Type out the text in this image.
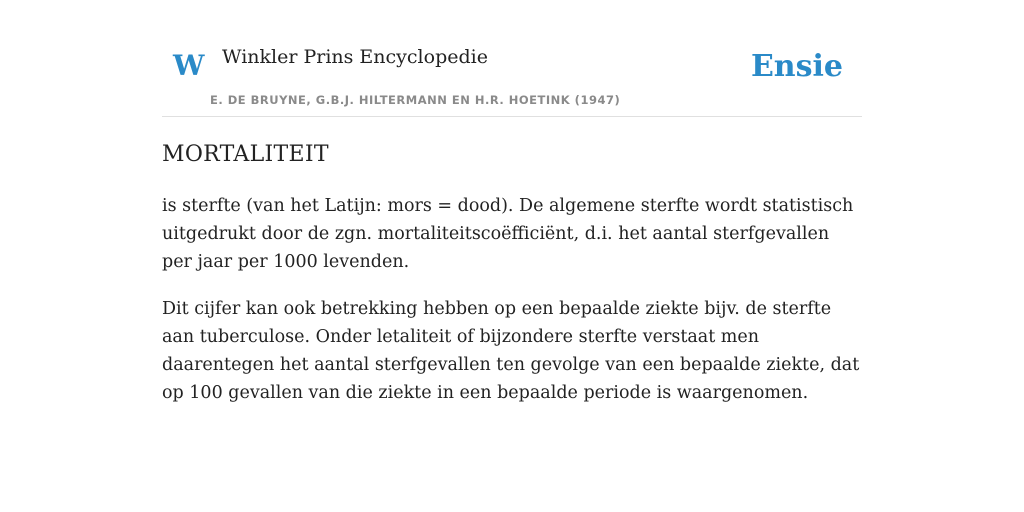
W Winkler Prins Encyclopedie
E. DE BRUYNE, G.B.J. HILTERMANN EN H.R. HOETINK (1947)
Ensie
MORTALITEIT

is sterfte (van het Latijn: mors = dood). De algemene sterfte wordt statistisch uitgedrukt door de zgn. mortaliteitscoëfficiënt, d.i. het aantal sterfgevallen per jaar per 1000 levenden.

Dit cijfer kan ook betrekking hebben op een bepaalde ziekte bijv. de sterfte aan tuberculose. Onder letaliteit of bijzondere sterfte verstaat men daarentegen het aantal sterfgevallen ten gevolge van een bepaalde ziekte, dat op 100 gevallen van die ziekte in een bepaalde periode is waargenomen.
